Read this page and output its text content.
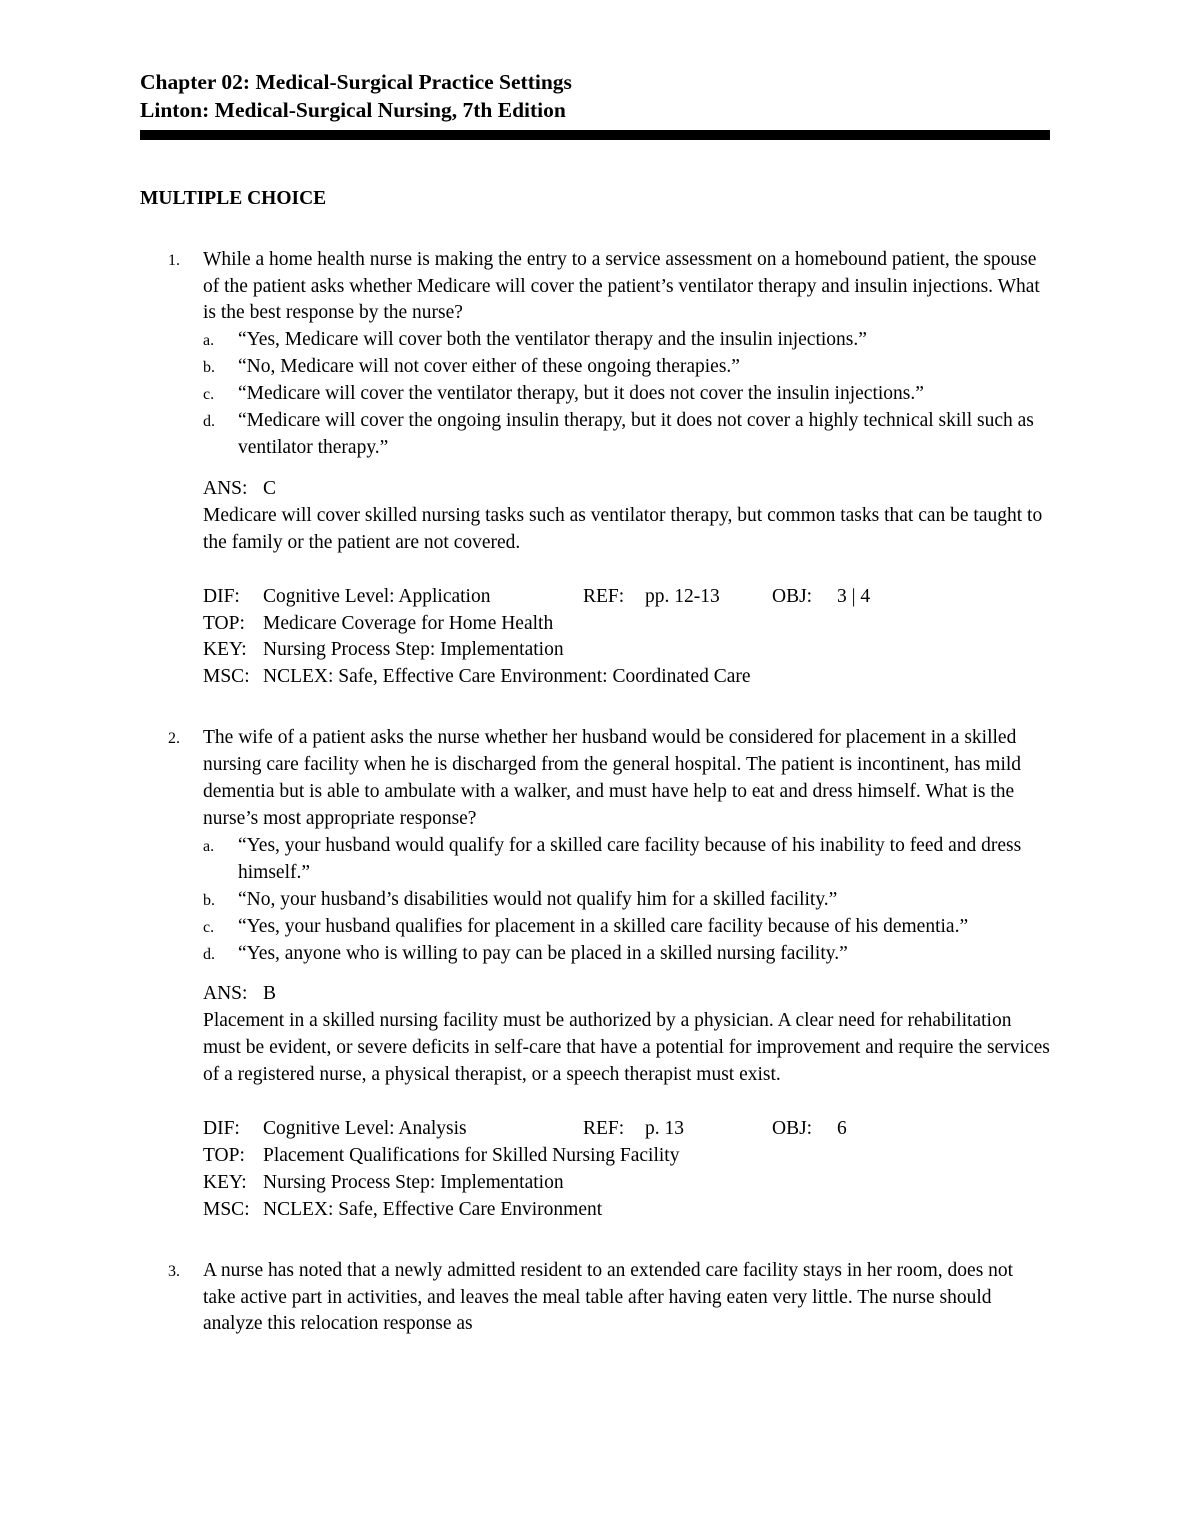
Chapter 02: Medical-Surgical Practice Settings
Linton: Medical-Surgical Nursing, 7th Edition
MULTIPLE CHOICE
1.	While a home health nurse is making the entry to a service assessment on a homebound patient, the spouse of the patient asks whether Medicare will cover the patient’s ventilator therapy and insulin injections. What is the best response by the nurse?
a.	“Yes, Medicare will cover both the ventilator therapy and the insulin injections.”
b.	“No, Medicare will not cover either of these ongoing therapies.”
c.	“Medicare will cover the ventilator therapy, but it does not cover the insulin injections.”
d.	“Medicare will cover the ongoing insulin therapy, but it does not cover a highly technical skill such as ventilator therapy.”
ANS: C
Medicare will cover skilled nursing tasks such as ventilator therapy, but common tasks that can be taught to the family or the patient are not covered.
DIF:	Cognitive Level: Application	REF:	pp. 12-13	OBJ:	3 | 4
TOP: Medicare Coverage for Home Health
KEY: Nursing Process Step: Implementation
MSC: NCLEX: Safe, Effective Care Environment: Coordinated Care
2.	The wife of a patient asks the nurse whether her husband would be considered for placement in a skilled nursing care facility when he is discharged from the general hospital. The patient is incontinent, has mild dementia but is able to ambulate with a walker, and must have help to eat and dress himself. What is the nurse’s most appropriate response?
a.	“Yes, your husband would qualify for a skilled care facility because of his inability to feed and dress himself.”
b.	“No, your husband’s disabilities would not qualify him for a skilled facility.”
c.	“Yes, your husband qualifies for placement in a skilled care facility because of his dementia.”
d.	“Yes, anyone who is willing to pay can be placed in a skilled nursing facility.”
ANS: B
Placement in a skilled nursing facility must be authorized by a physician. A clear need for rehabilitation must be evident, or severe deficits in self-care that have a potential for improvement and require the services of a registered nurse, a physical therapist, or a speech therapist must exist.
DIF:	Cognitive Level: Analysis	REF:	p. 13	OBJ:	6
TOP: Placement Qualifications for Skilled Nursing Facility
KEY: Nursing Process Step: Implementation
MSC: NCLEX: Safe, Effective Care Environment
3.	A nurse has noted that a newly admitted resident to an extended care facility stays in her room, does not take active part in activities, and leaves the meal table after having eaten very little. The nurse should analyze this relocation response as
